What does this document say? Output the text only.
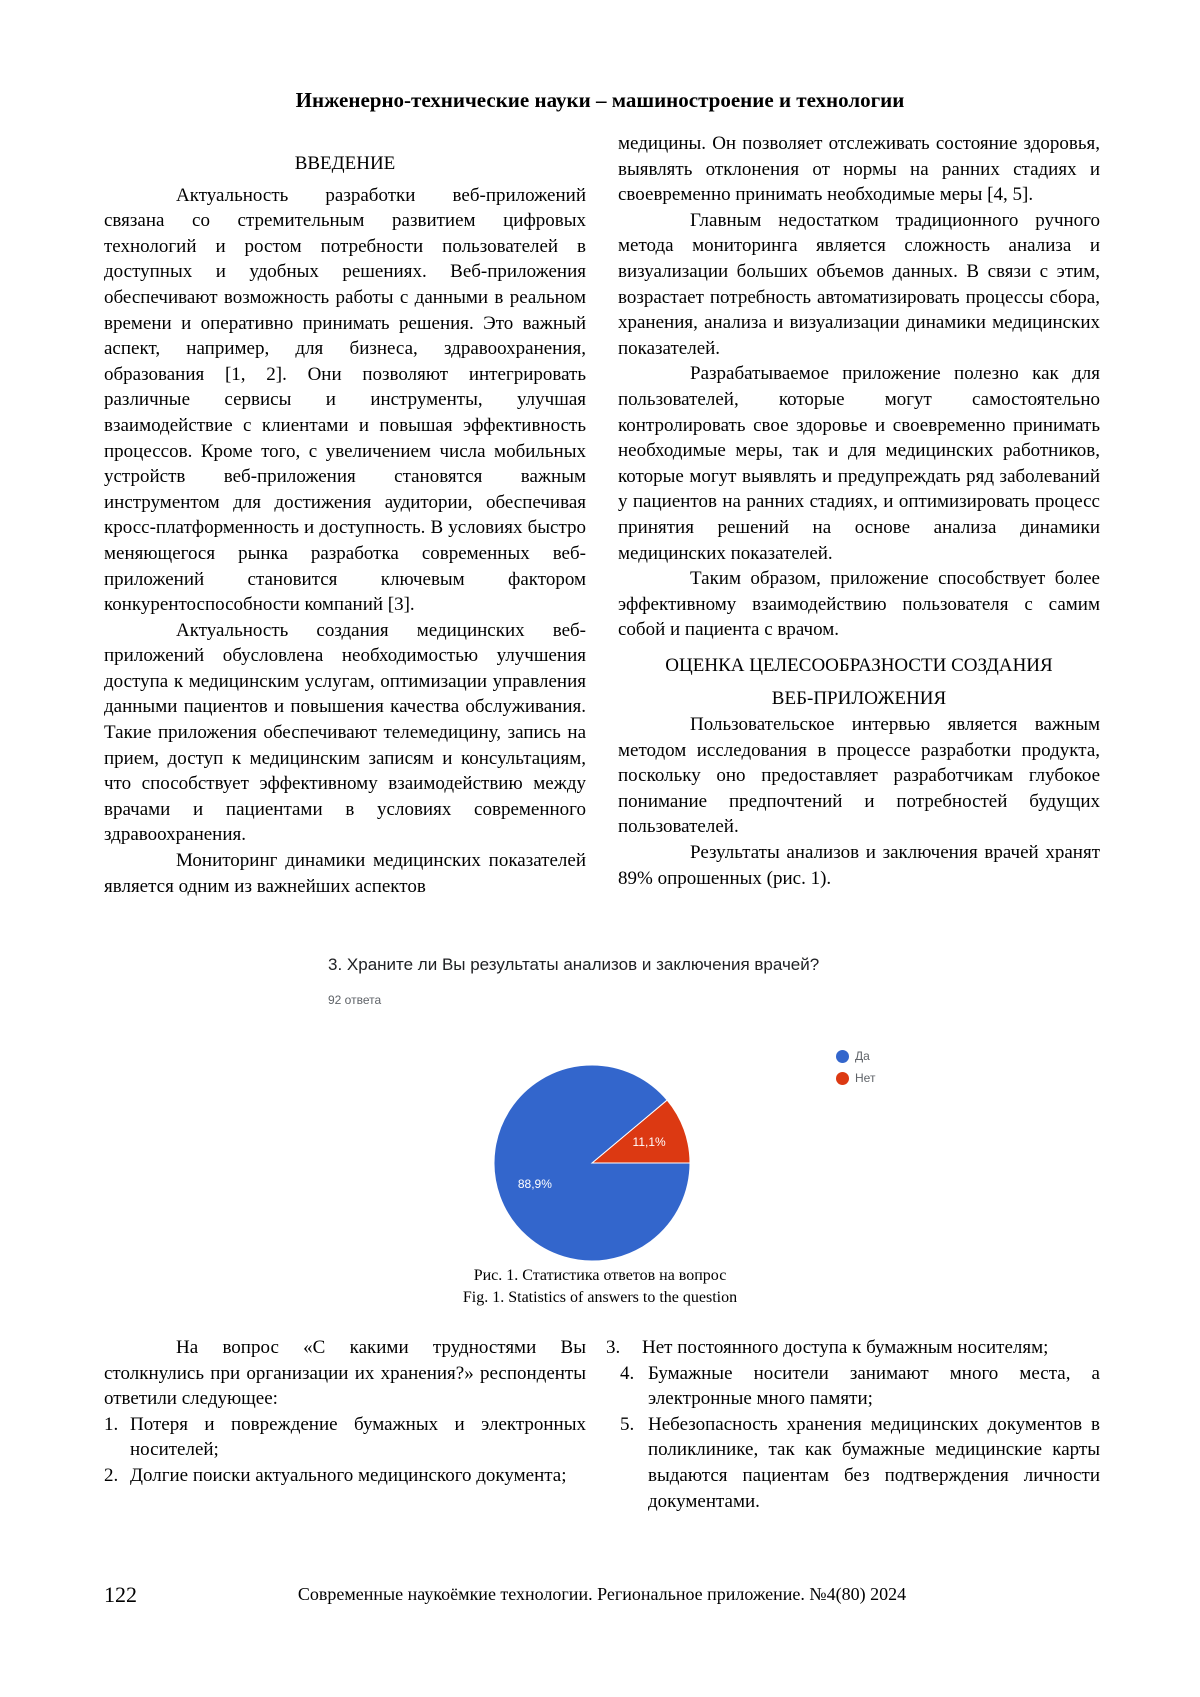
Инженерно-технические науки – машиностроение и технологии

ВВЕДЕНИЕ

Актуальность разработки веб-приложений связана со стремительным развитием цифровых технологий и ростом потребности пользователей в доступных и удобных решениях. Веб-приложения обеспечивают возможность работы с данными в реальном времени и оперативно принимать решения. Это важный аспект, например, для бизнеса, здравоохранения, образования [1, 2]. Они позволяют интегрировать различные сервисы и инструменты, улучшая взаимодействие с клиентами и повышая эффективность процессов. Кроме того, с увеличением числа мобильных устройств веб-приложения становятся важным инструментом для достижения аудитории, обеспечивая кросс-платформенность и доступность. В условиях быстро меняющегося рынка разработка современных веб-приложений становится ключевым фактором конкурентоспособности компаний [3].

Актуальность создания медицинских веб-приложений обусловлена необходимостью улучшения доступа к медицинским услугам, оптимизации управления данными пациентов и повышения качества обслуживания. Такие приложения обеспечивают телемедицину, запись на прием, доступ к медицинским записям и консультациям, что способствует эффективному взаимодействию между врачами и пациентами в условиях современного здравоохранения.

Мониторинг динамики медицинских показателей является одним из важнейших аспектов

медицины. Он позволяет отслеживать состояние здоровья, выявлять отклонения от нормы на ранних стадиях и своевременно принимать необходимые меры [4, 5].

Главным недостатком традиционного ручного метода мониторинга является сложность анализа и визуализации больших объемов данных. В связи с этим, возрастает потребность автоматизировать процессы сбора, хранения, анализа и визуализации динамики медицинских показателей.

Разрабатываемое приложение полезно как для пользователей, которые могут самостоятельно контролировать свое здоровье и своевременно принимать необходимые меры, так и для медицинских работников, которые могут выявлять и предупреждать ряд заболеваний у пациентов на ранних стадиях, и оптимизировать процесс принятия решений на основе анализа динамики медицинских показателей.

Таким образом, приложение способствует более эффективному взаимодействию пользователя с самим собой и пациента с врачом.

ОЦЕНКА ЦЕЛЕСООБРАЗНОСТИ СОЗДАНИЯ

ВЕБ-ПРИЛОЖЕНИЯ

Пользовательское интервью является важным методом исследования в процессе разработки продукта, поскольку оно предоставляет разработчикам глубокое понимание предпочтений и потребностей будущих пользователей.

Результаты анализов и заключения врачей хранят 89% опрошенных (рис. 1).

3. Храните ли Вы результаты анализов и заключения врачей?
92 ответа
11,1%
88,9%
Да
Нет
Рис. 1. Статистика ответов на вопрос
Fig. 1. Statistics of answers to the question

На вопрос «С какими трудностями Вы столкнулись при организации их хранения?» респонденты ответили следующее:

1. Потеря и повреждение бумажных и электронных носителей;
2. Долгие поиски актуального медицинского документа;
3.	Нет постоянного доступа к бумажным носителям;
4. Бумажные носители занимают много места, а электронные много памяти;
5. Небезопасность хранения медицинских документов в поликлинике, так как бумажные медицинские карты выдаются пациентам без подтверждения личности документами.
122	Современные наукоёмкие технологии. Региональное приложение. №4(80) 2024
